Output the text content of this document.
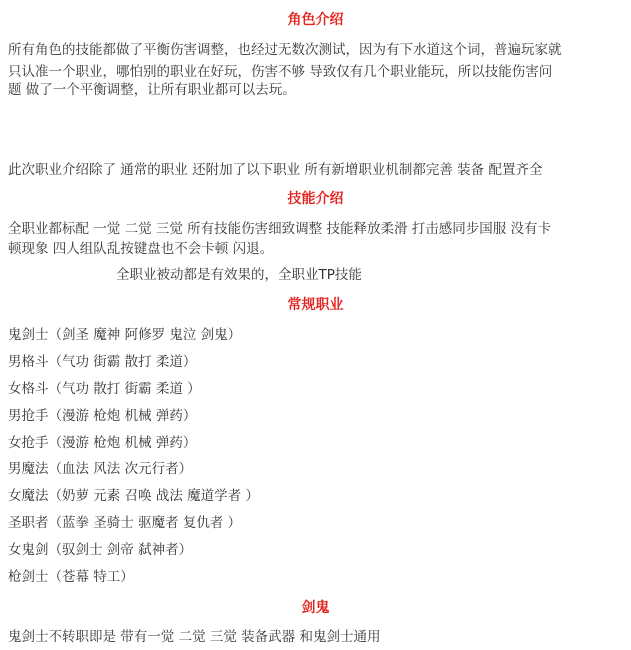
角色介绍
所有角色的技能都做了平衡伤害调整，也经过无数次测试，因为有下水道这个词，普遍玩家就
只认准一个职业，哪怕别的职业在好玩，伤害不够 导致仅有几个职业能玩，所以技能伤害问
题 做了一个平衡调整，让所有职业都可以去玩。
此次职业介绍除了 通常的职业 还附加了以下职业 所有新增职业机制都完善 装备 配置齐全
技能介绍
全职业都标配 一觉 二觉 三觉 所有技能伤害细致调整 技能释放柔滑 打击感同步国服 没有卡
顿现象 四人组队乱按键盘也不会卡顿 闪退。
全职业被动都是有效果的，全职业TP技能
常规职业
鬼剑士（剑圣 魔神 阿修罗 鬼泣 剑鬼）
男格斗（气功 街霸 散打 柔道）
女格斗（气功 散打 街霸 柔道 ）
男抢手（漫游 枪炮 机械 弹药）
女抢手（漫游 枪炮 机械 弹药）
男魔法（血法 风法 次元行者）
女魔法（奶萝 元素 召唤 战法 魔道学者 ）
圣职者（蓝拳 圣骑士 驱魔者 复仇者 ）
女鬼剑（驭剑士 剑帝 弑神者）
枪剑士（苍幕 特工）
剑鬼
鬼剑士不转职即是 带有一觉 二觉 三觉 装备武器 和鬼剑士通用
